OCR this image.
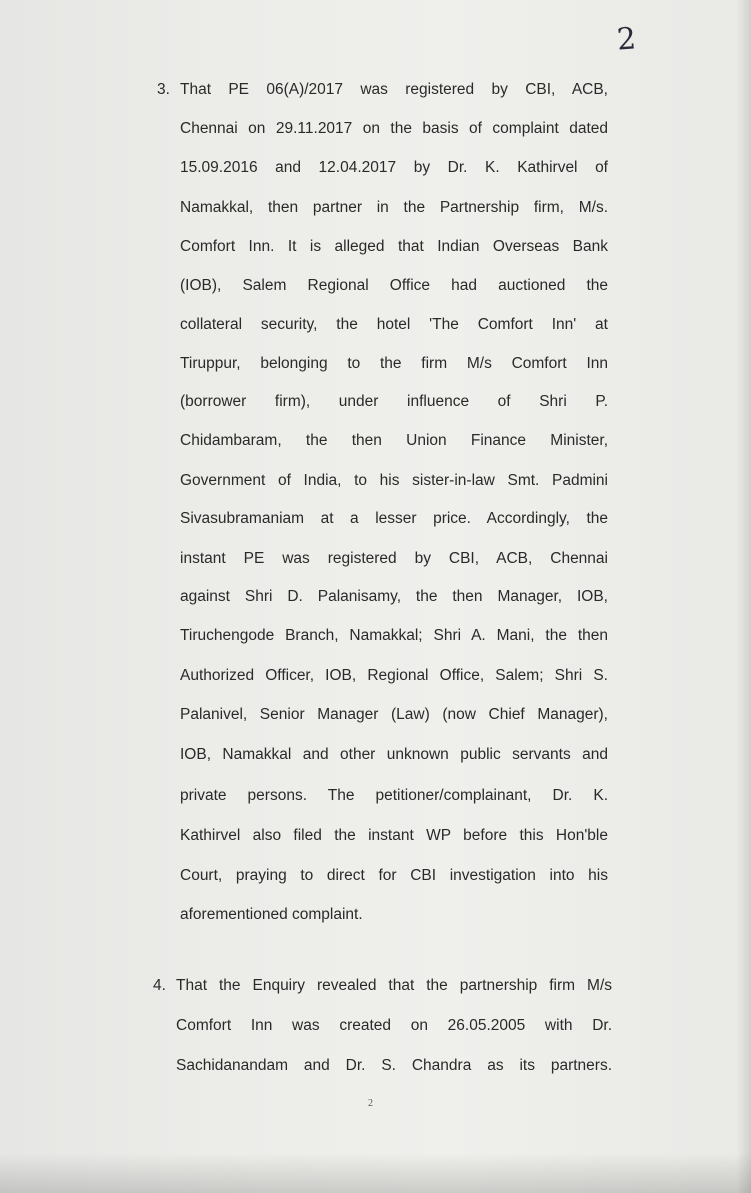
2
3. That PE 06(A)/2017 was registered by CBI, ACB,
Chennai on 29.11.2017 on the basis of complaint dated
15.09.2016 and 12.04.2017 by Dr. K. Kathirvel of
Namakkal, then partner in the Partnership firm, M/s.
Comfort Inn. It is alleged that Indian Overseas Bank
(IOB), Salem Regional Office had auctioned the
collateral security, the hotel 'The Comfort Inn' at
Tiruppur, belonging to the firm M/s Comfort Inn
(borrower firm), under influence of Shri P.
Chidambaram, the then Union Finance Minister,
Government of India, to his sister-in-law Smt. Padmini
Sivasubramaniam at a lesser price. Accordingly, the
instant PE was registered by CBI, ACB, Chennai
against Shri D. Palanisamy, the then Manager, IOB,
Tiruchengode Branch, Namakkal; Shri A. Mani, the then
Authorized Officer, IOB, Regional Office, Salem; Shri S.
Palanivel, Senior Manager (Law) (now Chief Manager),
IOB, Namakkal and other unknown public servants and
private persons. The petitioner/complainant, Dr. K.
Kathirvel also filed the instant WP before this Hon'ble
Court, praying to direct for CBI investigation into his
aforementioned complaint.
4. That the Enquiry revealed that the partnership firm M/s
Comfort Inn was created on 26.05.2005 with Dr.
Sachidanandam and Dr. S. Chandra as its partners.
2
